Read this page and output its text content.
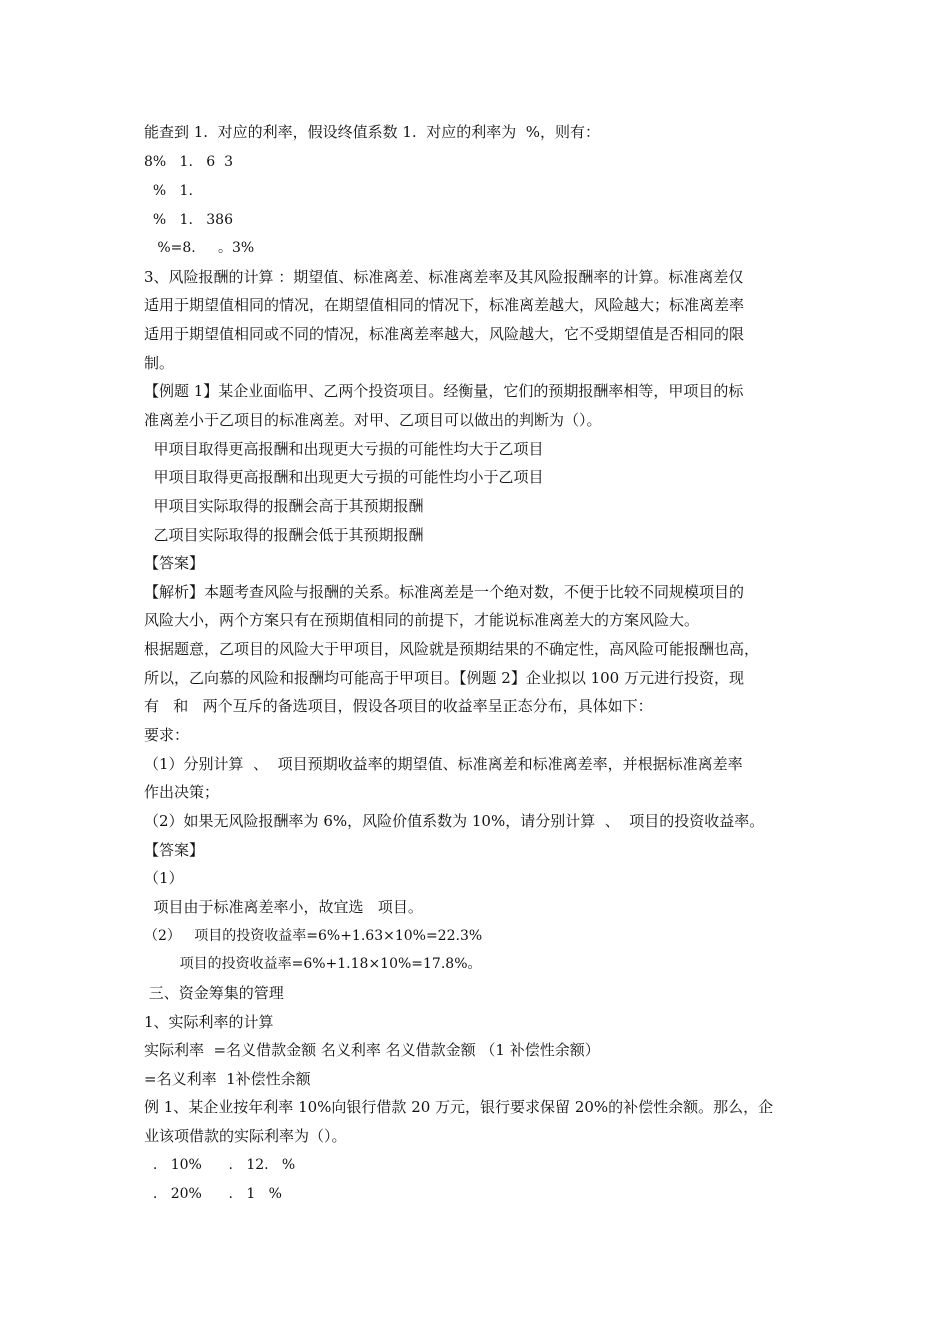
能查到 1.  对应的利率，假设终值系数 1.  对应的利率为  %，则有：
8%   1.   6  3
%   1.
%   1.   386
%=8.     。3%
3、风险报酬的计算 ：期望值、标准离差、标准离差率及其风险报酬率的计算。标准离差仅
适用于期望值相同的情况，在期望值相同的情况下，标准离差越大，风险越大；标准离差率
适用于期望值相同或不同的情况，标准离差率越大，风险越大，它不受期望值是否相同的限
制。
【例题 1】某企业面临甲、乙两个投资项目。经衡量，它们的预期报酬率相等，甲项目的标
准离差小于乙项目的标准离差。对甲、乙项目可以做出的判断为（）。
甲项目取得更高报酬和出现更大亏损的可能性均大于乙项目
甲项目取得更高报酬和出现更大亏损的可能性均小于乙项目
甲项目实际取得的报酬会高于其预期报酬
乙项目实际取得的报酬会低于其预期报酬
【答案】
【解析】本题考查风险与报酬的关系。标准离差是一个绝对数，不便于比较不同规模项目的
风险大小，两个方案只有在预期值相同的前提下，才能说标准离差大的方案风险大。
根据题意，乙项目的风险大于甲项目，风险就是预期结果的不确定性，高风险可能报酬也高，
所以，乙向慕的风险和报酬均可能高于甲项目。【例题 2】企业拟以 100 万元进行投资，现
有   和   两个互斥的备选项目，假设各项目的收益率呈正态分布，具体如下：
要求：
（1）分别计算  、  项目预期收益率的期望值、标准离差和标准离差率，并根据标准离差率
作出决策；
（2）如果无风险报酬率为 6%，风险价值系数为 10%，请分别计算  、  项目的投资收益率。
【答案】
（1）
项目由于标准离差率小，故宜选   项目。
（2）   项目的投资收益率=6%+1.63×10%=22.3%
项目的投资收益率=6%+1.18×10%=17.8%。
三、资金筹集的管理
1、实际利率的计算
实际利率  =名义借款金额 名义利率 名义借款金额 （1 补偿性余额）
=名义利率  1补偿性余额
例 1、某企业按年利率 10%向银行借款 20 万元，银行要求保留 20%的补偿性余额。那么，企
业该项借款的实际利率为（）。
.   10%      .   12.   %
.   20%      .   1   %
